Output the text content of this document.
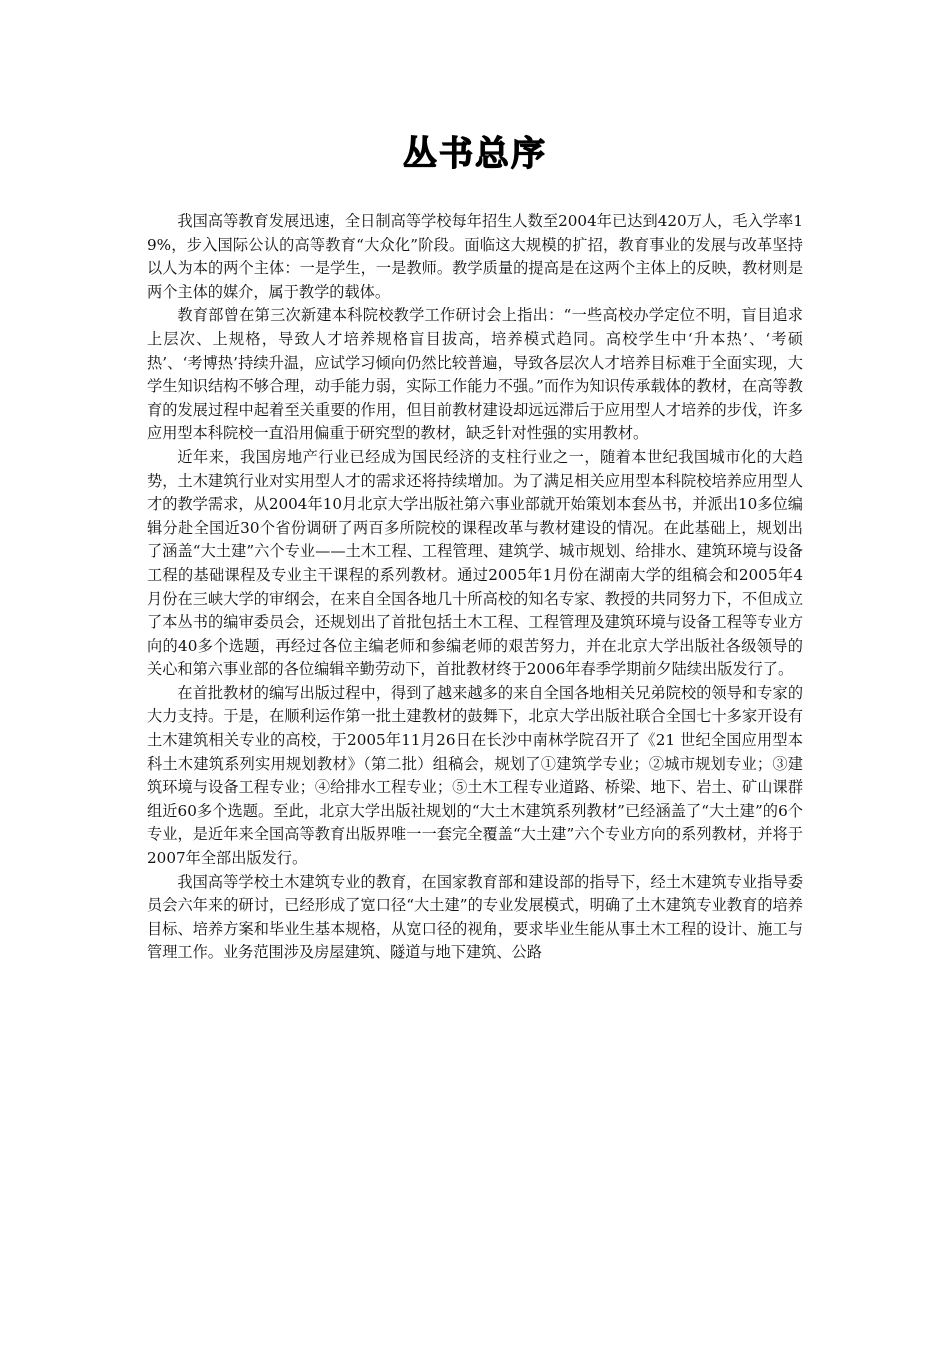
丛书总序

我国高等教育发展迅速，全日制高等学校每年招生人数至2004年已达到420万人，毛入学率19%，步入国际公认的高等教育“大众化”阶段。面临这大规模的扩招，教育事业的发展与改革坚持以人为本的两个主体：一是学生，一是教师。教学质量的提高是在这两个主体上的反映，教材则是两个主体的媒介，属于教学的载体。

教育部曾在第三次新建本科院校教学工作研讨会上指出：“一些高校办学定位不明，盲目追求上层次、上规格，导致人才培养规格盲目拔高，培养模式趋同。高校学生中‘升本热’、‘考硕热’、‘考博热’持续升温，应试学习倾向仍然比较普遍，导致各层次人才培养目标难于全面实现，大学生知识结构不够合理，动手能力弱，实际工作能力不强。”而作为知识传承载体的教材，在高等教育的发展过程中起着至关重要的作用，但目前教材建设却远远滞后于应用型人才培养的步伐，许多应用型本科院校一直沿用偏重于研究型的教材，缺乏针对性强的实用教材。

近年来，我国房地产行业已经成为国民经济的支柱行业之一，随着本世纪我国城市化的大趋势，土木建筑行业对实用型人才的需求还将持续增加。为了满足相关应用型本科院校培养应用型人才的教学需求，从2004年10月北京大学出版社第六事业部就开始策划本套丛书，并派出10多位编辑分赴全国近30个省份调研了两百多所院校的课程改革与教材建设的情况。在此基础上，规划出了涵盖“大土建”六个专业——土木工程、工程管理、建筑学、城市规划、给排水、建筑环境与设备工程的基础课程及专业主干课程的系列教材。通过2005年1月份在湖南大学的组稿会和2005年4月份在三峡大学的审纲会，在来自全国各地几十所高校的知名专家、教授的共同努力下，不但成立了本丛书的编审委员会，还规划出了首批包括土木工程、工程管理及建筑环境与设备工程等专业方向的40多个选题，再经过各位主编老师和参编老师的艰苦努力，并在北京大学出版社各级领导的关心和第六事业部的各位编辑辛勤劳动下，首批教材终于2006年春季学期前夕陆续出版发行了。

在首批教材的编写出版过程中，得到了越来越多的来自全国各地相关兄弟院校的领导和专家的大力支持。于是，在顺利运作第一批土建教材的鼓舞下，北京大学出版社联合全国七十多家开设有土木建筑相关专业的高校，于2005年11月26日在长沙中南林学院召开了《21 世纪全国应用型本科土木建筑系列实用规划教材》（第二批）组稿会，规划了①建筑学专业；②城市规划专业；③建筑环境与设备工程专业；④给排水工程专业；⑤土木工程专业道路、桥梁、地下、岩土、矿山课群组近60多个选题。至此，北京大学出版社规划的“大土木建筑系列教材”已经涵盖了“大土建”的6个专业，是近年来全国高等教育出版界唯一一套完全覆盖“大土建”六个专业方向的系列教材，并将于2007年全部出版发行。

我国高等学校土木建筑专业的教育，在国家教育部和建设部的指导下，经土木建筑专业指导委员会六年来的研讨，已经形成了宽口径“大土建”的专业发展模式，明确了土木建筑专业教育的培养目标、培养方案和毕业生基本规格，从宽口径的视角，要求毕业生能从事土木工程的设计、施工与管理工作。业务范围涉及房屋建筑、隧道与地下建筑、公路
